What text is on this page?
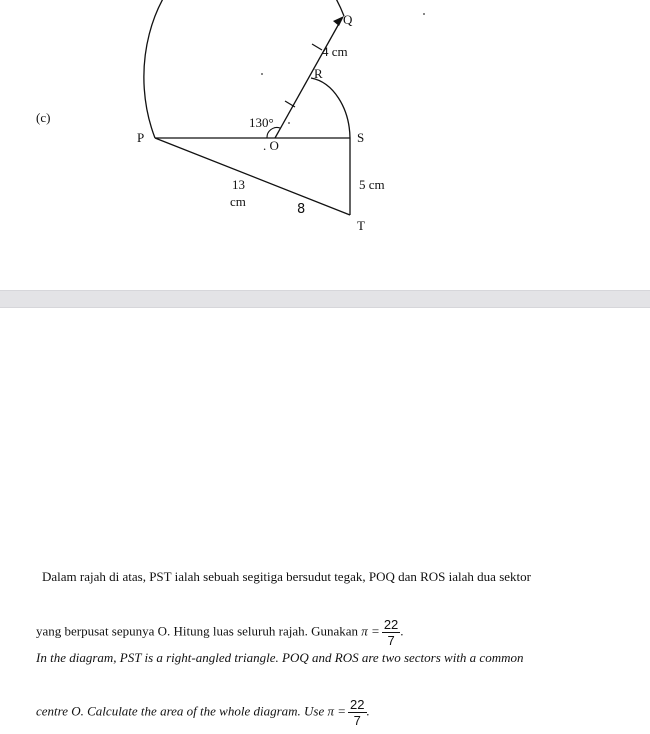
(c)
P
Q
R
S
T
. O
130°
4 cm
5 cm
13
cm
8
Dalam rajah di atas, PST ialah sebuah segitiga bersudut tegak, POQ dan ROS ialah dua sektor
yang berpusat sepunya O. Hitung luas seluruh rajah. Gunakan $\pi = \frac{22}{7}$ .
In the diagram, PST is a right-angled triangle. POQ and ROS are two sectors with a common
centre O. Calculate the area of the whole diagram. Use $\pi = \frac{22}{7}$ .
